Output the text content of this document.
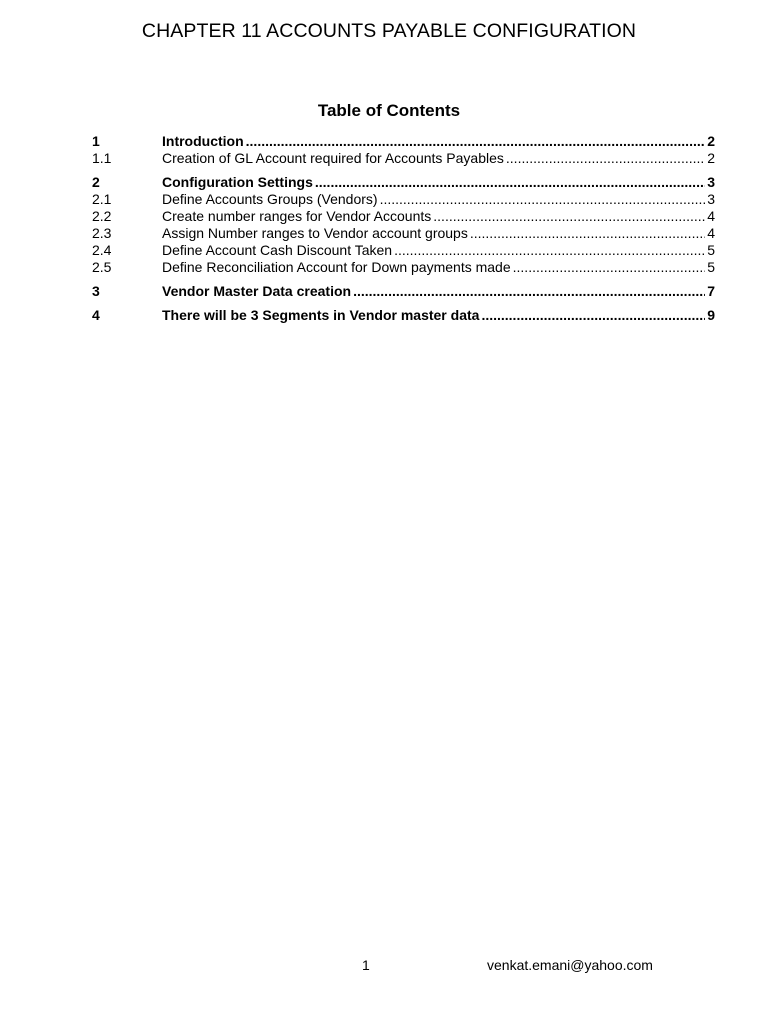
CHAPTER 11 ACCOUNTS PAYABLE CONFIGURATION
Table of Contents
1	Introduction .....	2
1.1	Creation of GL Account required for Accounts Payables .....	2
2	Configuration Settings .....	3
2.1	Define Accounts Groups (Vendors) .....	3
2.2	Create number ranges for Vendor Accounts .....	4
2.3	Assign Number ranges to Vendor account groups .....	4
2.4	Define Account Cash Discount Taken .....	5
2.5	Define Reconciliation Account for Down payments made .....	5
3	Vendor Master Data creation .....	7
4	There will be 3 Segments in Vendor master data .....	9
1	venkat.emani@yahoo.com
